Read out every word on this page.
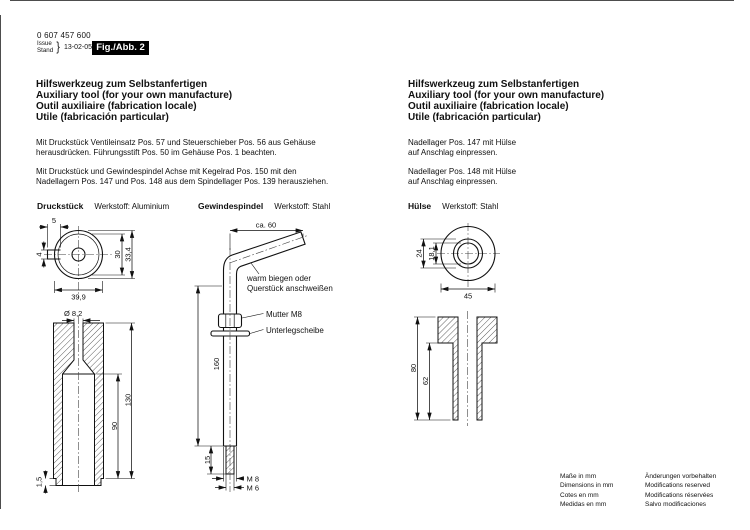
0 607 457 600
Issue
Stand } 13-02-05 Fig./Abb. 2
Hilfswerkzeug zum Selbstanfertigen
Auxiliary tool (for your own manufacture)
Outil auxiliaire (fabrication locale)
Utile (fabricación particular)
Mit Druckstück Ventileinsatz Pos. 57 und Steuerschieber Pos. 56 aus Gehäuse
herausdrücken. Führungsstift Pos. 50 im Gehäuse Pos. 1 beachten.
Mit Druckstück und Gewindespindel Achse mit Kegelrad Pos. 150 mit den
Nadellagern Pos. 147 und Pos. 148 aus dem Spindellager Pos. 139 herausziehen.
Hilfswerkzeug zum Selbstanfertigen
Auxiliary tool (for your own manufacture)
Outil auxiliaire (fabrication locale)
Utile (fabricación particular)
Nadellager Pos. 147 mit Hülse
auf Anschlag einpressen.
Nadellager Pos. 148 mit Hülse
auf Anschlag einpressen.
Druckstück Werkstoff: Aluminium	Gewindespindel Werkstoff: Stahl	Hülse Werkstoff: Stahl
5
4	30 33,4
39,9
Ø 8,2
90
130
1,5
ca. 60
warm biegen oder
Querstück anschweißen
Mutter M8
Unterlegscheibe
160
15
M 8
M 6
24 18,1
45
80
62
Maße in mm
Dimensions in mm
Cotes en mm
Medidas en mm
Änderungen vorbehalten
Modifications reserved
Modifications réservées
Salvo modificaciones
